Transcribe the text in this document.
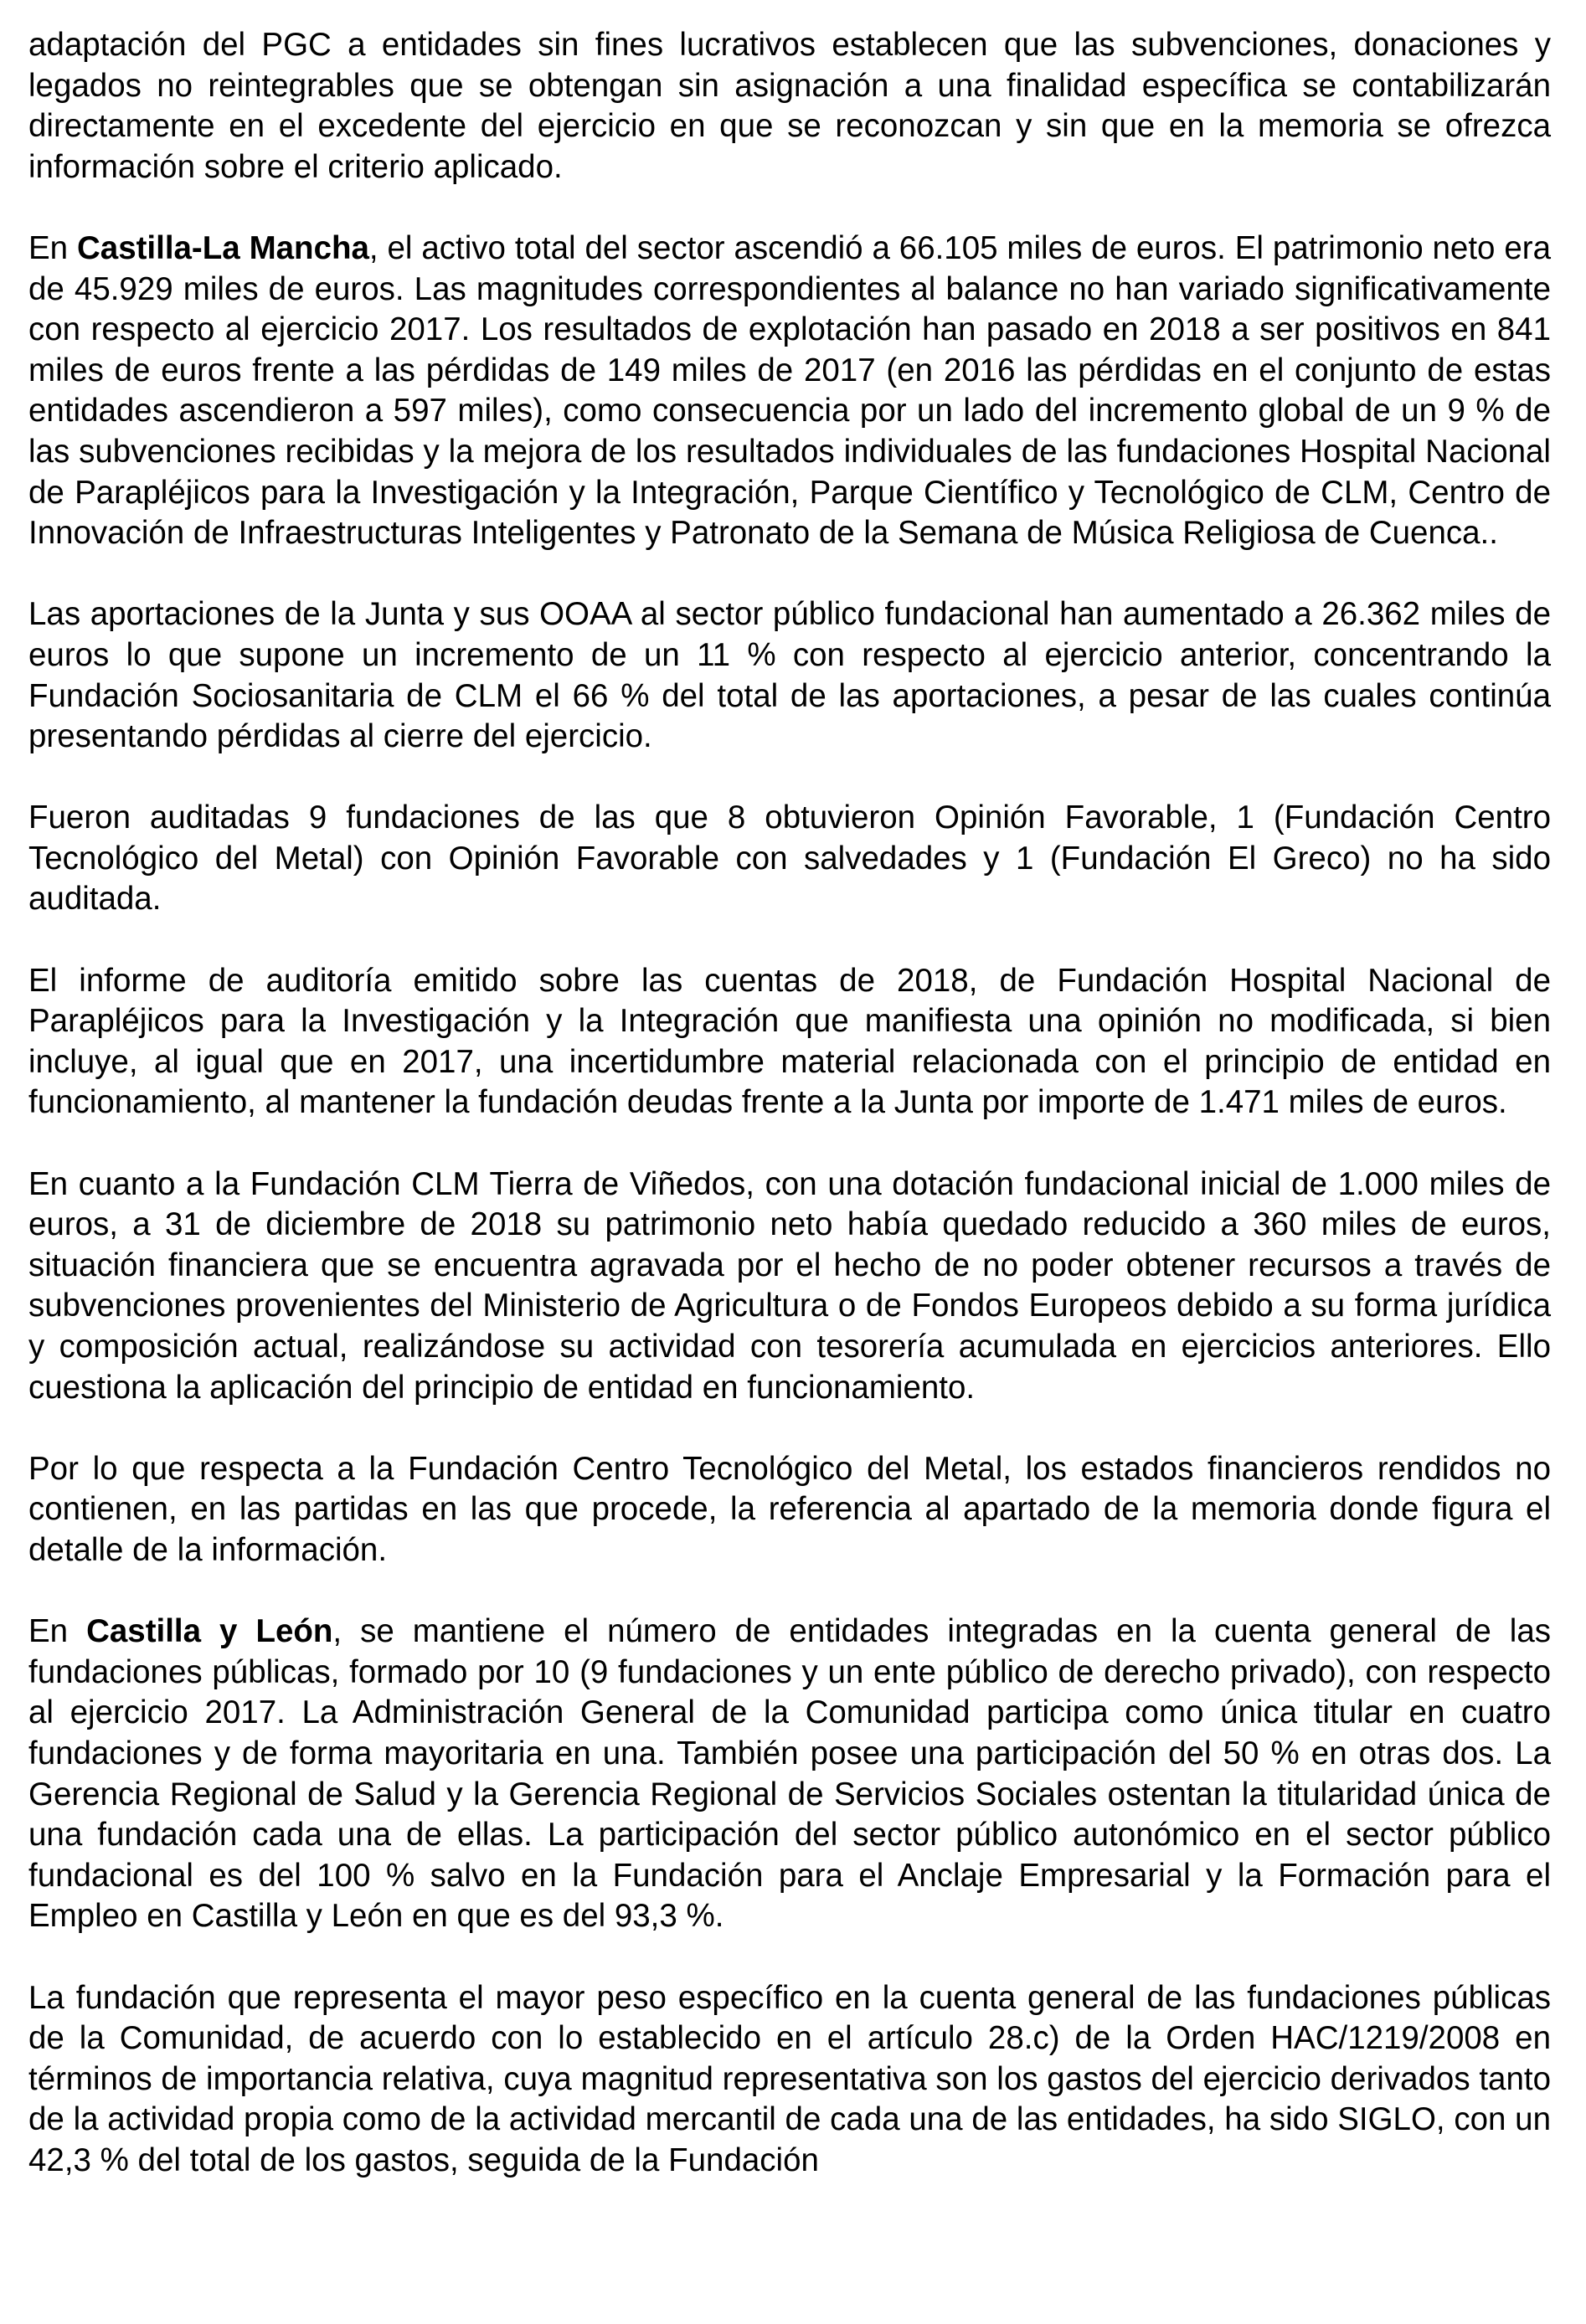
adaptación del PGC a entidades sin fines lucrativos establecen que las subvenciones, donaciones y legados no reintegrables que se obtengan sin asignación a una finalidad específica se contabilizarán directamente en el excedente del ejercicio en que se reconozcan y sin que en la memoria se ofrezca información sobre el criterio aplicado.

En Castilla-La Mancha, el activo total del sector ascendió a 66.105 miles de euros. El patrimonio neto era de 45.929 miles de euros. Las magnitudes correspondientes al balance no han variado significativamente con respecto al ejercicio 2017. Los resultados de explotación han pasado en 2018 a ser positivos en 841 miles de euros frente a las pérdidas de 149 miles de 2017 (en 2016 las pérdidas en el conjunto de estas entidades ascendieron a 597 miles), como consecuencia por un lado del incremento global de un 9 % de las subvenciones recibidas y la mejora de los resultados individuales de las fundaciones Hospital Nacional de Parapléjicos para la Investigación y la Integración, Parque Científico y Tecnológico de CLM, Centro de Innovación de Infraestructuras Inteligentes y Patronato de la Semana de Música Religiosa de Cuenca..

Las aportaciones de la Junta y sus OOAA al sector público fundacional han aumentado a 26.362 miles de euros lo que supone un incremento de un 11 % con respecto al ejercicio anterior, concentrando la Fundación Sociosanitaria de CLM el 66 % del total de las aportaciones, a pesar de las cuales continúa presentando pérdidas al cierre del ejercicio.

Fueron auditadas 9 fundaciones de las que 8 obtuvieron Opinión Favorable, 1 (Fundación Centro Tecnológico del Metal) con Opinión Favorable con salvedades y 1 (Fundación El Greco) no ha sido auditada.

El informe de auditoría emitido sobre las cuentas de 2018, de Fundación Hospital Nacional de Parapléjicos para la Investigación y la Integración que manifiesta una opinión no modificada, si bien incluye, al igual que en 2017, una incertidumbre material relacionada con el principio de entidad en funcionamiento, al mantener la fundación deudas frente a la Junta por importe de 1.471 miles de euros.

En cuanto a la Fundación CLM Tierra de Viñedos, con una dotación fundacional inicial de 1.000 miles de euros, a 31 de diciembre de 2018 su patrimonio neto había quedado reducido a 360 miles de euros, situación financiera que se encuentra agravada por el hecho de no poder obtener recursos a través de subvenciones provenientes del Ministerio de Agricultura o de Fondos Europeos debido a su forma jurídica y composición actual, realizándose su actividad con tesorería acumulada en ejercicios anteriores. Ello cuestiona la aplicación del principio de entidad en funcionamiento.

Por lo que respecta a la Fundación Centro Tecnológico del Metal, los estados financieros rendidos no contienen, en las partidas en las que procede, la referencia al apartado de la memoria donde figura el detalle de la información.

En Castilla y León, se mantiene el número de entidades integradas en la cuenta general de las fundaciones públicas, formado por 10 (9 fundaciones y un ente público de derecho privado), con respecto al ejercicio 2017. La Administración General de la Comunidad participa como única titular en cuatro fundaciones y de forma mayoritaria en una. También posee una participación del 50 % en otras dos. La Gerencia Regional de Salud y la Gerencia Regional de Servicios Sociales ostentan la titularidad única de una fundación cada una de ellas. La participación del sector público autonómico en el sector público fundacional es del 100 % salvo en la Fundación para el Anclaje Empresarial y la Formación para el Empleo en Castilla y León en que es del 93,3 %.

La fundación que representa el mayor peso específico en la cuenta general de las fundaciones públicas de la Comunidad, de acuerdo con lo establecido en el artículo 28.c) de la Orden HAC/1219/2008 en términos de importancia relativa, cuya magnitud representativa son los gastos del ejercicio derivados tanto de la actividad propia como de la actividad mercantil de cada una de las entidades, ha sido SIGLO, con un 42,3 % del total de los gastos, seguida de la Fundación
